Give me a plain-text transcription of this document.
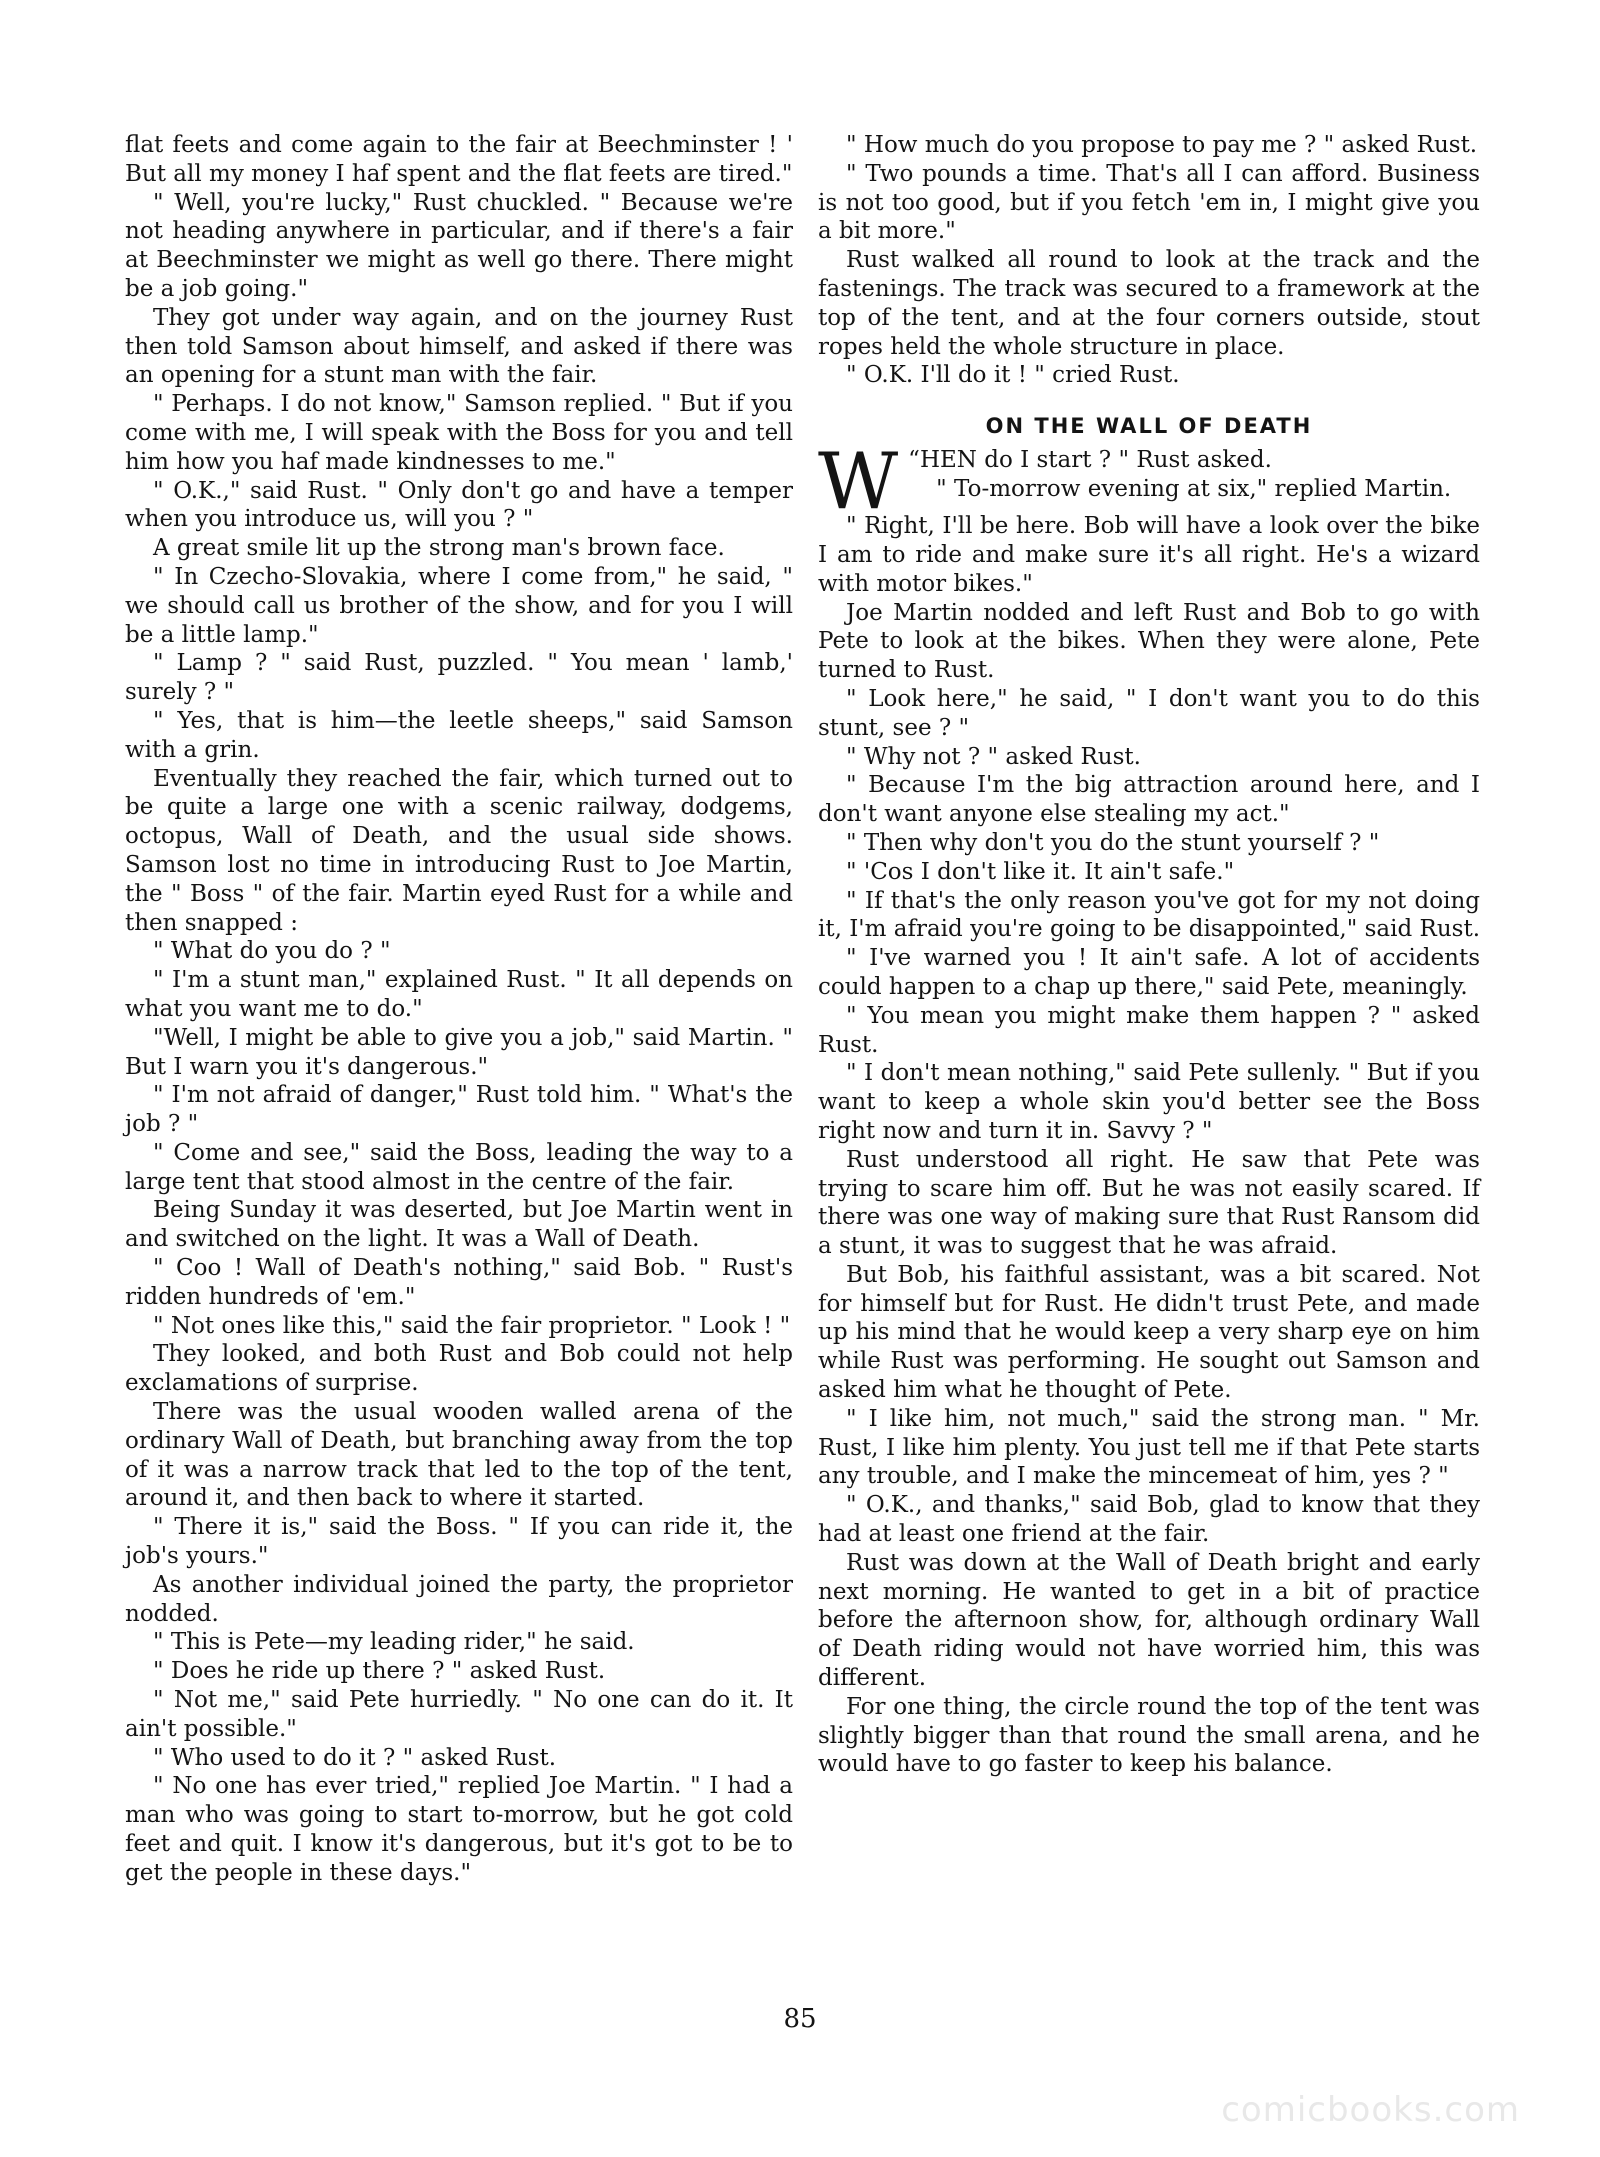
flat feets and come again to the fair at Beechminster ! ' But all my money I haf spent and the flat feets are tired."

" Well, you're lucky," Rust chuckled. " Because we're not heading anywhere in particular, and if there's a fair at Beechminster we might as well go there. There might be a job going."

They got under way again, and on the journey Rust then told Samson about himself, and asked if there was an opening for a stunt man with the fair.

" Perhaps. I do not know," Samson replied. " But if you come with me, I will speak with the Boss for you and tell him how you haf made kindnesses to me."

" O.K.," said Rust. " Only don't go and have a temper when you introduce us, will you ? "

A great smile lit up the strong man's brown face.

" In Czecho-Slovakia, where I come from," he said, " we should call us brother of the show, and for you I will be a little lamp."

" Lamp ? " said Rust, puzzled. " You mean ' lamb,' surely ? "

" Yes, that is him—the leetle sheeps," said Samson with a grin.

Eventually they reached the fair, which turned out to be quite a large one with a scenic railway, dodgems, octopus, Wall of Death, and the usual side shows. Samson lost no time in introducing Rust to Joe Martin, the " Boss " of the fair. Martin eyed Rust for a while and then snapped :

" What do you do ? "

" I'm a stunt man," explained Rust. " It all depends on what you want me to do."

"Well, I might be able to give you a job," said Martin. " But I warn you it's dangerous."

" I'm not afraid of danger," Rust told him. " What's the job ? "

" Come and see," said the Boss, leading the way to a large tent that stood almost in the centre of the fair.

Being Sunday it was deserted, but Joe Martin went in and switched on the light. It was a Wall of Death.

" Coo ! Wall of Death's nothing," said Bob. " Rust's ridden hundreds of 'em."

" Not ones like this," said the fair proprietor. " Look ! "

They looked, and both Rust and Bob could not help exclamations of surprise.

There was the usual wooden walled arena of the ordinary Wall of Death, but branching away from the top of it was a narrow track that led to the top of the tent, around it, and then back to where it started.

" There it is," said the Boss. " If you can ride it, the job's yours."

As another individual joined the party, the proprietor nodded.

" This is Pete—my leading rider," he said.

" Does he ride up there ? " asked Rust.

" Not me," said Pete hurriedly. " No one can do it. It ain't possible."

" Who used to do it ? " asked Rust.

" No one has ever tried," replied Joe Martin. " I had a man who was going to start to-morrow, but he got cold feet and quit. I know it's dangerous, but it's got to be to get the people in these days."

" How much do you propose to pay me ? " asked Rust.

" Two pounds a time. That's all I can afford. Business is not too good, but if you fetch 'em in, I might give you a bit more."

Rust walked all round to look at the track and the fastenings. The track was secured to a framework at the top of the tent, and at the four corners outside, stout ropes held the whole structure in place.

" O.K. I'll do it ! " cried Rust.

ON THE WALL OF DEATH
W “HEN do I start ? " Rust asked.

" To-morrow evening at six," replied Martin.

" Right, I'll be here. Bob will have a look over the bike I am to ride and make sure it's all right. He's a wizard with motor bikes."

Joe Martin nodded and left Rust and Bob to go with Pete to look at the bikes. When they were alone, Pete turned to Rust.

" Look here," he said, " I don't want you to do this stunt, see ? "

" Why not ? " asked Rust.

" Because I'm the big attraction around here, and I don't want anyone else stealing my act."

" Then why don't you do the stunt yourself ? "

" 'Cos I don't like it. It ain't safe."

" If that's the only reason you've got for my not doing it, I'm afraid you're going to be disappointed," said Rust.

" I've warned you ! It ain't safe. A lot of accidents could happen to a chap up there," said Pete, meaningly.

" You mean you might make them happen ? " asked Rust.

" I don't mean nothing," said Pete sullenly. " But if you want to keep a whole skin you'd better see the Boss right now and turn it in. Savvy ? "

Rust understood all right. He saw that Pete was trying to scare him off. But he was not easily scared. If there was one way of making sure that Rust Ransom did a stunt, it was to suggest that he was afraid.

But Bob, his faithful assistant, was a bit scared. Not for himself but for Rust. He didn't trust Pete, and made up his mind that he would keep a very sharp eye on him while Rust was performing. He sought out Samson and asked him what he thought of Pete.

" I like him, not much," said the strong man. " Mr. Rust, I like him plenty. You just tell me if that Pete starts any trouble, and I make the mincemeat of him, yes ? "

" O.K., and thanks," said Bob, glad to know that they had at least one friend at the fair.

Rust was down at the Wall of Death bright and early next morning. He wanted to get in a bit of practice before the afternoon show, for, although ordinary Wall of Death riding would not have worried him, this was different.

For one thing, the circle round the top of the tent was slightly bigger than that round the small arena, and he would have to go faster to keep his balance.

85
comicbooks.com
